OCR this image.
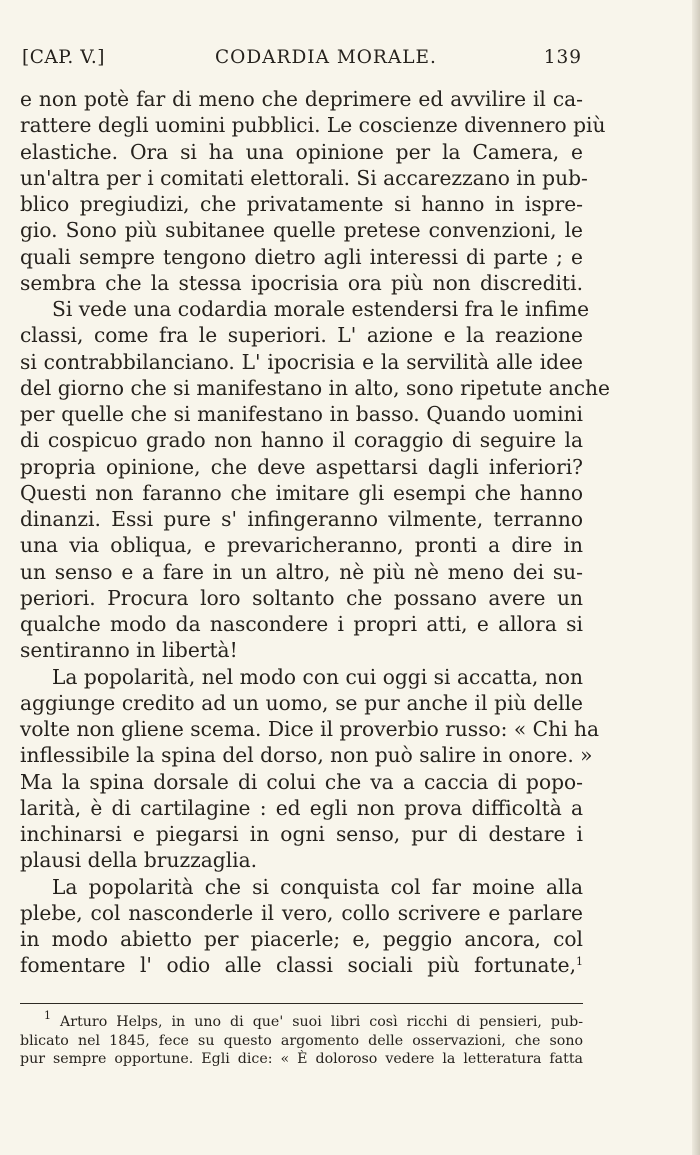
[CAP. V.]	CODARDIA MORALE.	139
e non potè far di meno che deprimere ed avvilire il ca-
rattere degli uomini pubblici. Le coscienze divennero più
elastiche. Ora si ha una opinione per la Camera, e
un'altra per i comitati elettorali. Si accarezzano in pub-
blico pregiudizi, che privatamente si hanno in ispre-
gio. Sono più subitanee quelle pretese convenzioni, le
quali sempre tengono dietro agli interessi di parte ; e
sembra che la stessa ipocrisia ora più non discrediti.
Si vede una codardia morale estendersi fra le infime
classi, come fra le superiori. L' azione e la reazione
si contrabbilanciano. L' ipocrisia e la servilità alle idee
del giorno che si manifestano in alto, sono ripetute anche
per quelle che si manifestano in basso. Quando uomini
di cospicuo grado non hanno il coraggio di seguire la
propria opinione, che deve aspettarsi dagli inferiori?
Questi non faranno che imitare gli esempi che hanno
dinanzi. Essi pure s' infingeranno vilmente, terranno
una via obliqua, e prevaricheranno, pronti a dire in
un senso e a fare in un altro, nè più nè meno dei su-
periori. Procura loro soltanto che possano avere un
qualche modo da nascondere i propri atti, e allora si
sentiranno in libertà!
La popolarità, nel modo con cui oggi si accatta, non
aggiunge credito ad un uomo, se pur anche il più delle
volte non gliene scema. Dice il proverbio russo: « Chi ha
inflessibile la spina del dorso, non può salire in onore. »
Ma la spina dorsale di colui che va a caccia di popo-
larità, è di cartilagine : ed egli non prova difficoltà a
inchinarsi e piegarsi in ogni senso, pur di destare i
plausi della bruzzaglia.
La popolarità che si conquista col far moine alla
plebe, col nasconderle il vero, collo scrivere e parlare
in modo abietto per piacerle; e, peggio ancora, col
fomentare l' odio alle classi sociali più fortunate,$^1$
$^1$ Arturo Helps, in uno di que' suoi libri così ricchi di pensieri, pub-
blicato nel 1845, fece su questo argomento delle osservazioni, che sono
pur sempre opportune. Egli dice: « È doloroso vedere la letteratura fatta
